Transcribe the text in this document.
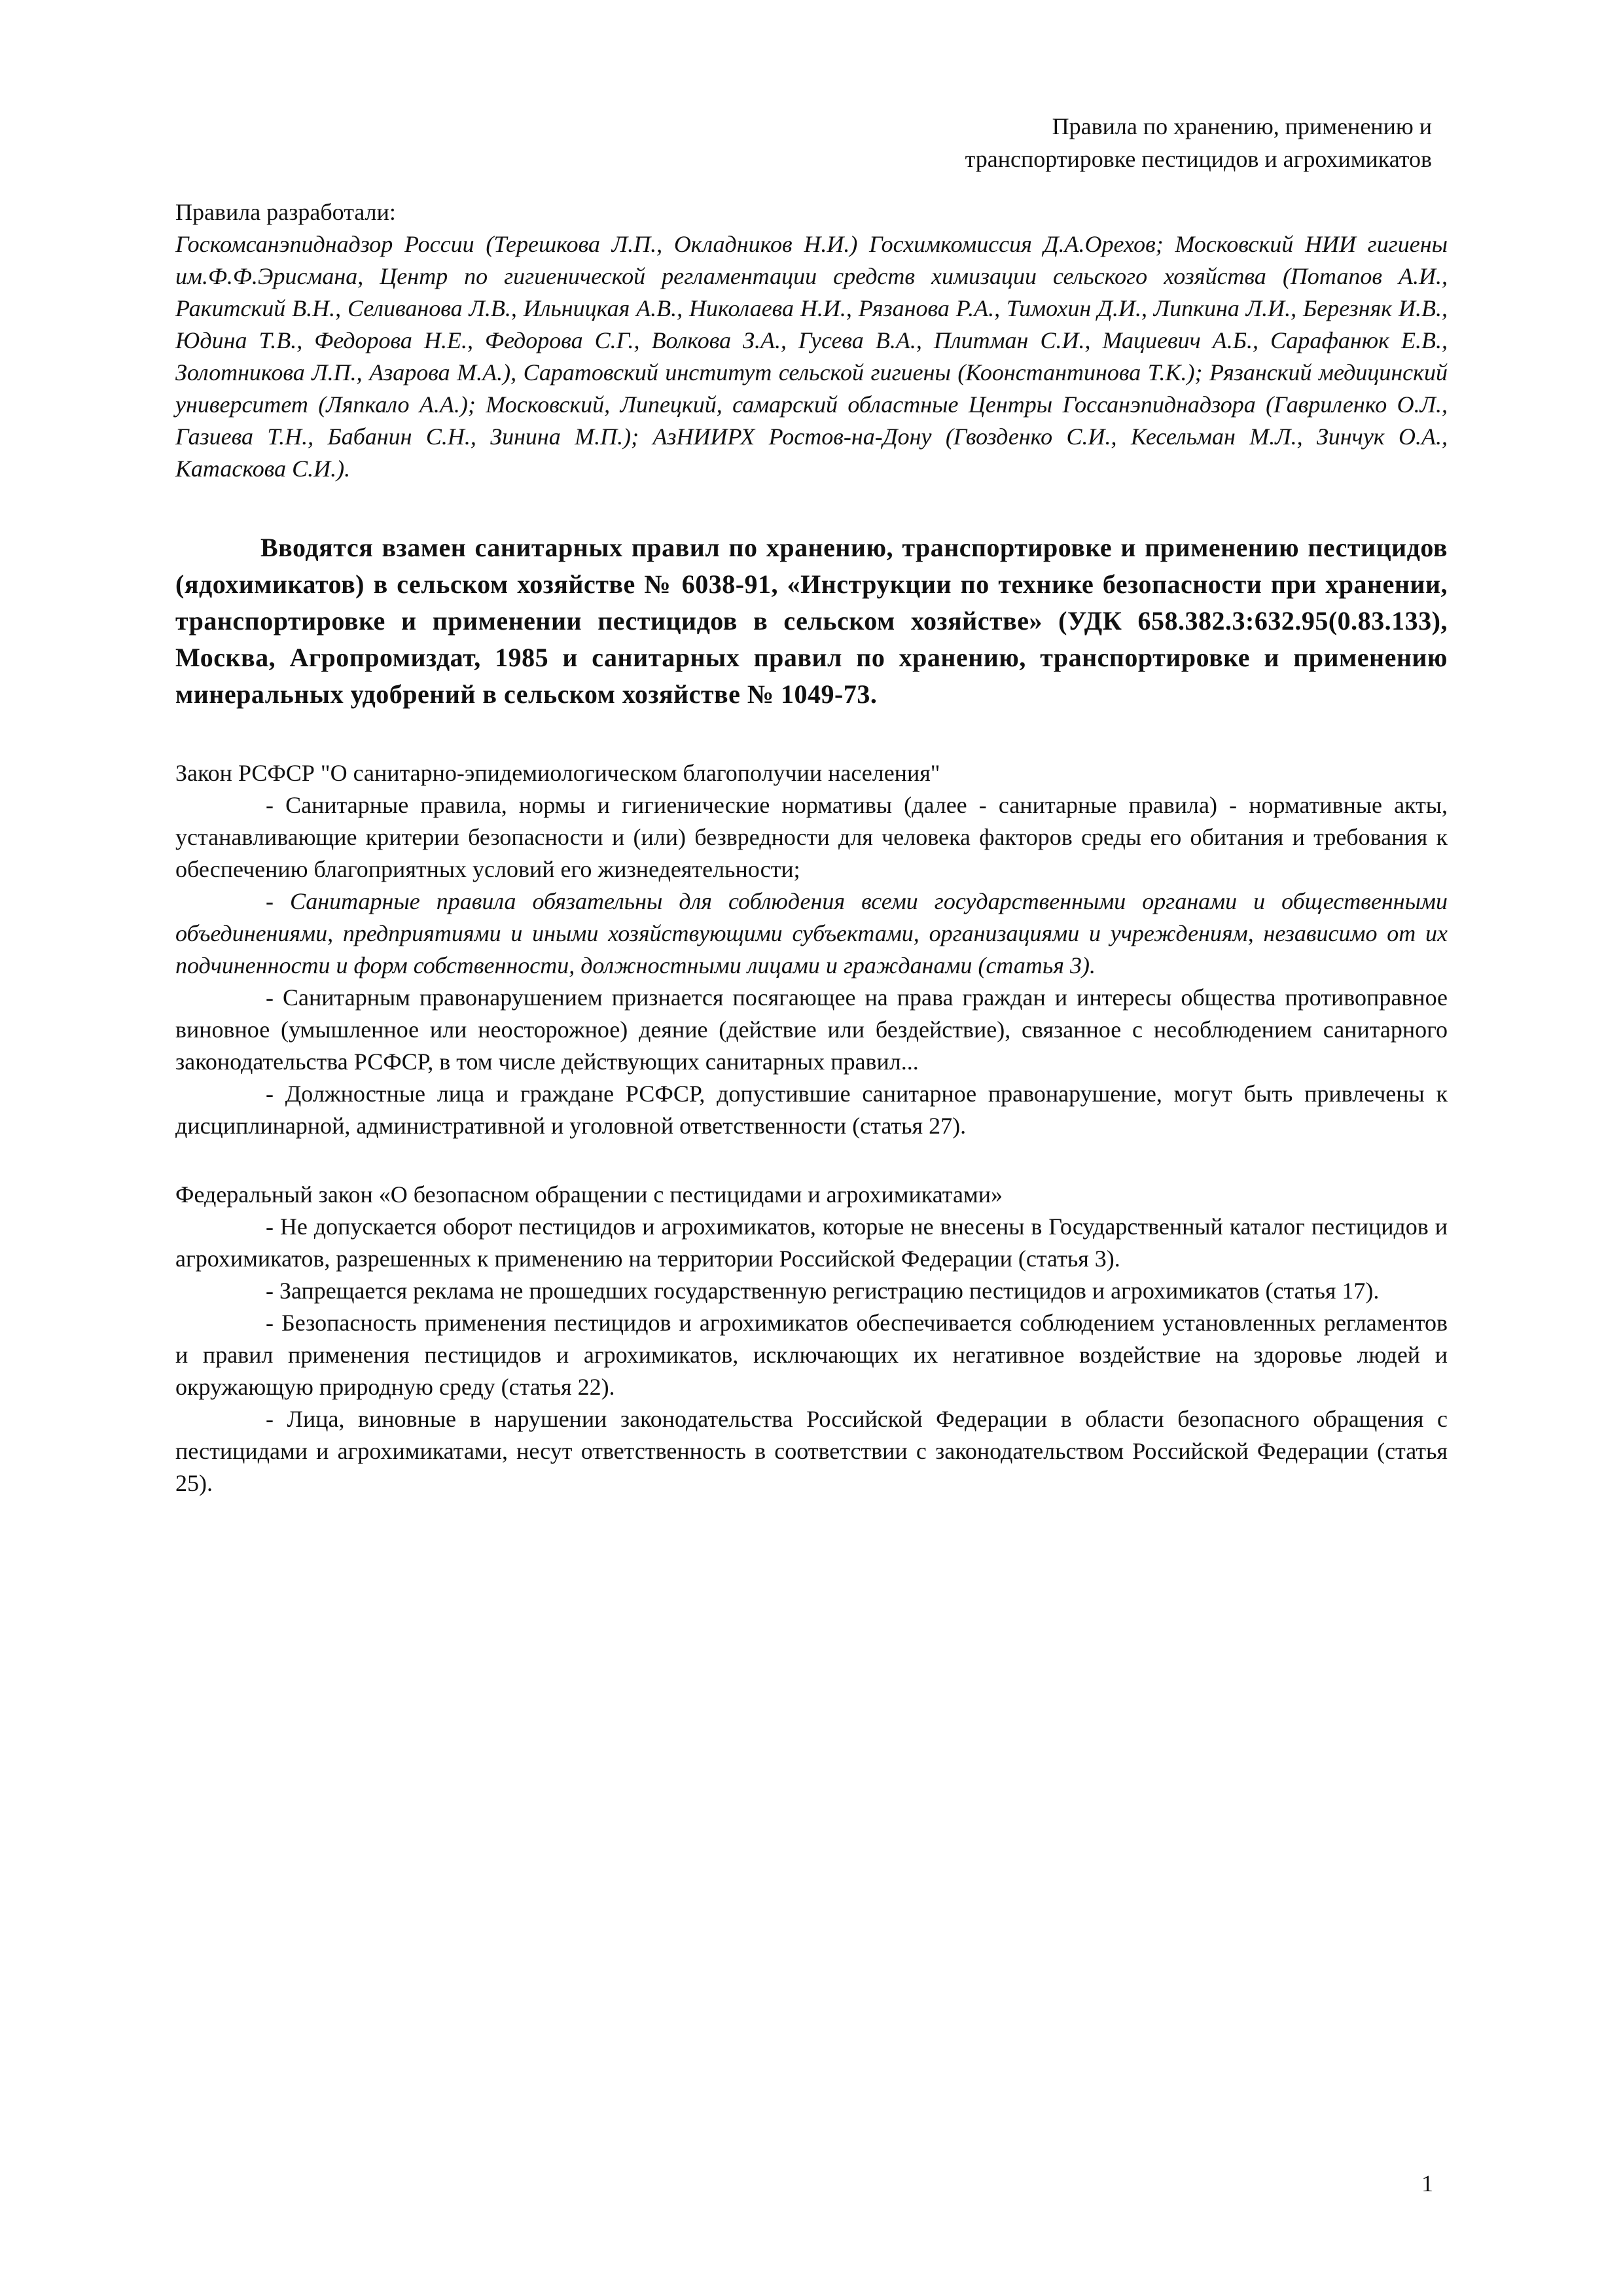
Правила по хранению, применению и
транспортировке пестицидов и агрохимикатов

Правила разработали:

Госкомсанэпиднадзор России (Терешкова Л.П., Окладников Н.И.) Госхимкомиссия Д.А.Орехов; Московский НИИ гигиены им.Ф.Ф.Эрисмана, Центр по гигиенической регламентации средств химизации сельского хозяйства (Потапов А.И., Ракитский В.Н., Селиванова Л.В., Ильницкая А.В., Николаева Н.И., Рязанова Р.А., Тимохин Д.И., Липкина Л.И., Березняк И.В., Юдина Т.В., Федорова Н.Е., Федорова С.Г., Волкова З.А., Гусева В.А., Плитман С.И., Мациевич А.Б., Сарафанюк Е.В., Золотникова Л.П., Азарова М.А.), Саратовский институт сельской гигиены (Коонстантинова Т.К.); Рязанский медицинский университет (Ляпкало А.А.); Московский, Липецкий, самарский областные Центры Госсанэпиднадзора (Гавриленко О.Л., Газиева Т.Н., Бабанин С.Н., Зинина М.П.); АзНИИРХ Ростов-на-Дону (Гвозденко С.И., Кесельман М.Л., Зинчук О.А., Катаскова С.И.).

Вводятся взамен санитарных правил по хранению, транспортировке и применению пестицидов (ядохимикатов) в сельском хозяйстве № 6038-91, «Инструкции по технике безопасности при хранении, транспортировке и применении пестицидов в сельском хозяйстве» (УДК 658.382.3:632.95(0.83.133), Москва, Агропромиздат, 1985 и санитарных правил по хранению, транспортировке и применению минеральных удобрений в сельском хозяйстве № 1049-73.

Закон РСФСР "О санитарно-эпидемиологическом благополучии населения"

- Санитарные правила, нормы и гигиенические нормативы (далее - санитарные правила) - нормативные акты, устанавливающие критерии безопасности и (или) безвредности для человека факторов среды его обитания и требования к обеспечению благоприятных условий его жизнедеятельности;

- Санитарные правила обязательны для соблюдения всеми государственными органами и общественными объединениями, предприятиями и иными хозяйствующими субъектами, организациями и учреждениям, независимо от их подчиненности и форм собственности, должностными лицами и гражданами (статья 3).

- Санитарным правонарушением признается посягающее на права граждан и интересы общества противоправное виновное (умышленное или неосторожное) деяние (действие или бездействие), связанное с несоблюдением санитарного законодательства РСФСР, в том числе действующих санитарных правил...

- Должностные лица и граждане РСФСР, допустившие санитарное правонарушение, могут быть привлечены к дисциплинарной, административной и уголовной ответственности (статья 27).

Федеральный закон «О безопасном обращении с пестицидами и агрохимикатами»

- Не допускается оборот пестицидов и агрохимикатов, которые не внесены в Государственный каталог пестицидов и агрохимикатов, разрешенных к применению на территории Российской Федерации (статья 3).

- Запрещается реклама не прошедших государственную регистрацию пестицидов и агрохимикатов (статья 17).

- Безопасность применения пестицидов и агрохимикатов обеспечивается соблюдением установленных регламентов и правил применения пестицидов и агрохимикатов, исключающих их негативное воздействие на здоровье людей и окружающую природную среду (статья 22).

- Лица, виновные в нарушении законодательства Российской Федерации в области безопасного обращения с пестицидами и агрохимикатами, несут ответственность в соответствии с законодательством Российской Федерации (статья 25).

1
